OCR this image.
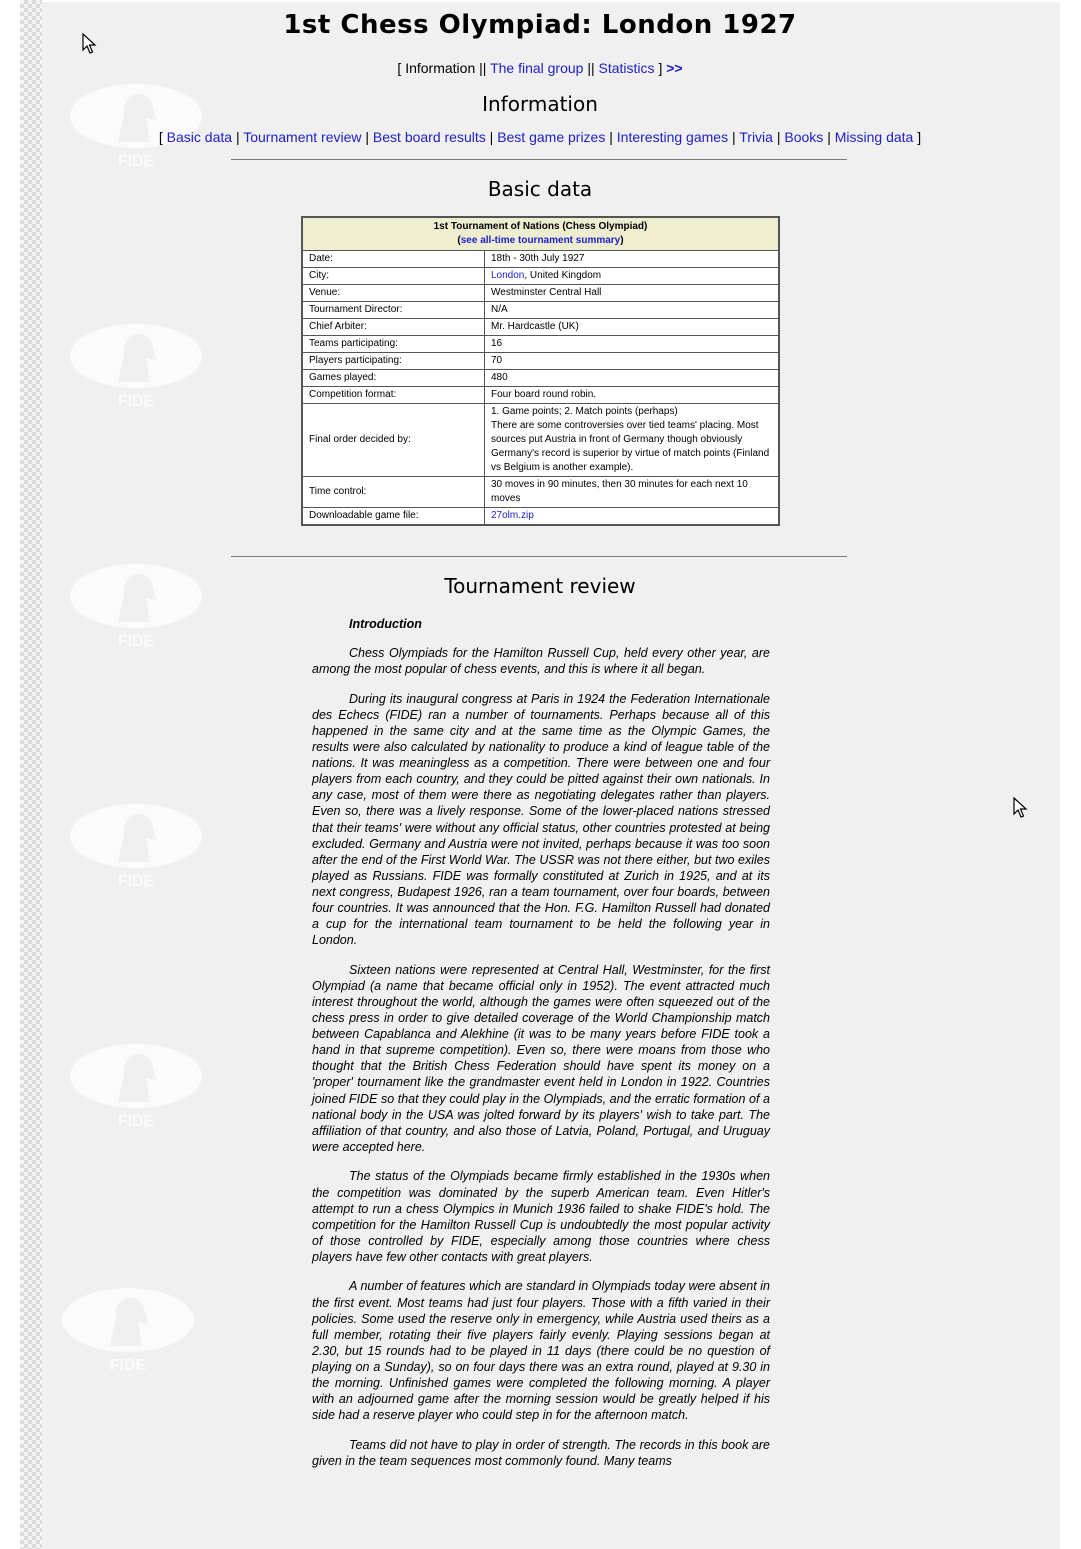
FIDE
FIDE
FIDE
FIDE
FIDE
FIDE
1st Chess Olympiad: London 1927
[ Information || The final group || Statistics ] >>
Information
[ Basic data | Tournament review | Best board results | Best game prizes | Interesting games | Trivia | Books | Missing data ]
Basic data
1st Tournament of Nations (Chess Olympiad)
(see all-time tournament summary)	
Date:	18th - 30th July 1927
City:	London, United Kingdom
Venue:	Westminster Central Hall
Tournament Director:	N/A
Chief Arbiter:	Mr. Hardcastle (UK)
Teams participating:	16
Players participating:	70
Games played:	480
Competition format:	Four board round robin.
Final order decided by:	1. Game points; 2. Match points (perhaps)
There are some controversies over tied teams' placing. Most sources put Austria in front of Germany though obviously Germany's record is superior by virtue of match points (Finland vs Belgium is another example).
Time control:	30 moves in 90 minutes, then 30 minutes for each next 10 moves
Downloadable game file:	27olm.zip
Tournament review

Introduction

Chess Olympiads for the Hamilton Russell Cup, held every other year, are among the most popular of chess events, and this is where it all began.

During its inaugural congress at Paris in 1924 the Federation Internationale des Echecs (FIDE) ran a number of tournaments. Perhaps because all of this happened in the same city and at the same time as the Olympic Games, the results were also calculated by nationality to produce a kind of league table of the nations. It was meaningless as a competition. There were between one and four players from each country, and they could be pitted against their own nationals. In any case, most of them were there as negotiating delegates rather than players. Even so, there was a lively response. Some of the lower-placed nations stressed that their teams' were without any official status, other countries protested at being excluded. Germany and Austria were not invited, perhaps because it was too soon after the end of the First World War. The USSR was not there either, but two exiles played as Russians. FIDE was formally constituted at Zurich in 1925, and at its next congress, Budapest 1926, ran a team tournament, over four boards, between four countries. It was announced that the Hon. F.G. Hamilton Russell had donated a cup for the international team tournament to be held the following year in London.

Sixteen nations were represented at Central Hall, Westminster, for the first Olympiad (a name that became official only in 1952). The event attracted much interest throughout the world, although the games were often squeezed out of the chess press in order to give detailed coverage of the World Championship match between Capablanca and Alekhine (it was to be many years before FIDE took a hand in that supreme competition). Even so, there were moans from those who thought that the British Chess Federation should have spent its money on a 'proper' tournament like the grandmaster event held in London in 1922. Countries joined FIDE so that they could play in the Olympiads, and the erratic formation of a national body in the USA was jolted forward by its players' wish to take part. The affiliation of that country, and also those of Latvia, Poland, Portugal, and Uruguay were accepted here.

The status of the Olympiads became firmly established in the 1930s when the competition was dominated by the superb American team. Even Hitler's attempt to run a chess Olympics in Munich 1936 failed to shake FIDE's hold. The competition for the Hamilton Russell Cup is undoubtedly the most popular activity of those controlled by FIDE, especially among those countries where chess players have few other contacts with great players.

A number of features which are standard in Olympiads today were absent in the first event. Most teams had just four players. Those with a fifth varied in their policies. Some used the reserve only in emergency, while Austria used theirs as a full member, rotating their five players fairly evenly. Playing sessions began at 2.30, but 15 rounds had to be played in 11 days (there could be no question of playing on a Sunday), so on four days there was an extra round, played at 9.30 in the morning. Unfinished games were completed the following morning. A player with an adjourned game after the morning session would be greatly helped if his side had a reserve player who could step in for the afternoon match.

Teams did not have to play in order of strength. The records in this book are given in the team sequences most commonly found. Many teams
